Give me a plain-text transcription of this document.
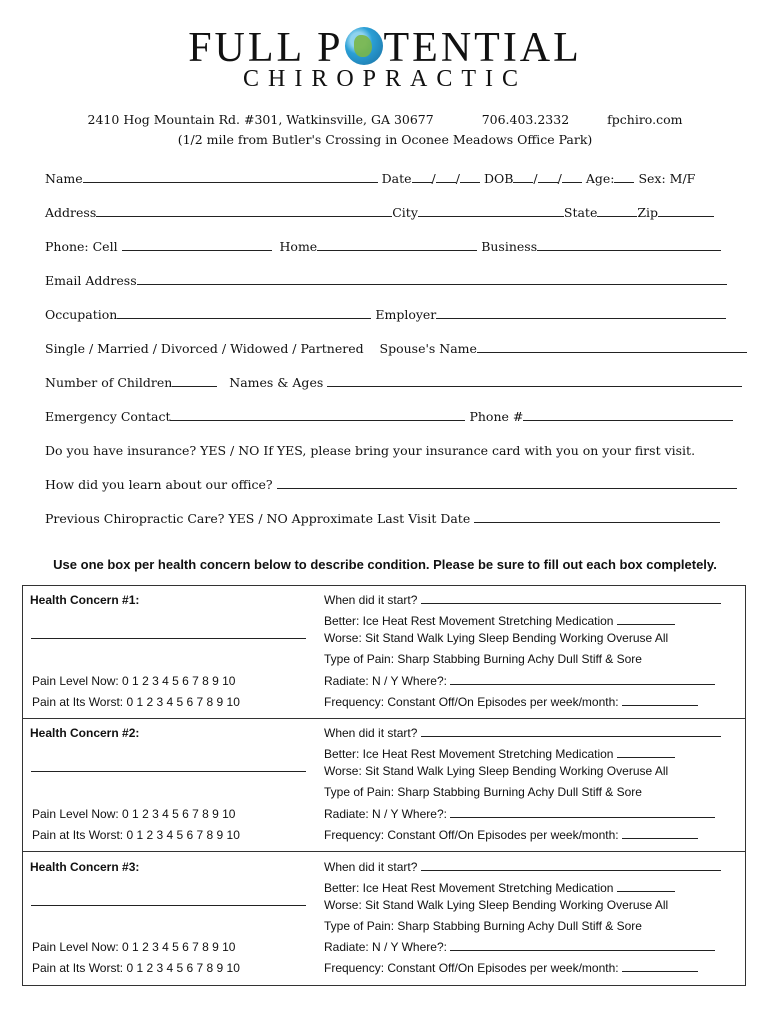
FULL P TENTIAL
CHIROPRACTIC
2410 Hog Mountain Rd. #301, Watkinsville, GA 30677	706.403.2332	fpchiro.com
(1/2 mile from Butler's Crossing in Oconee Meadows Office Park)
Name	Date / / DOB / / Age: Sex: M/F
Address	City	State	Zip
Phone: Cell	Home	Business
Email Address
Occupation	Employer
Single / Married / Divorced / Widowed / Partnered Spouse's Name
Number of Children	Names & Ages
Emergency Contact	Phone #
Do you have insurance? YES / NO If YES, please bring your insurance card with you on your first visit.
How did you learn about our office?
Previous Chiropractic Care? YES / NO Approximate Last Visit Date
Use one box per health concern below to describe condition. Please be sure to fill out each box completely.
Health Concern #1:
Pain Level Now: 0 1 2 3 4 5 6 7 8 9 10
Pain at Its Worst: 0 1 2 3 4 5 6 7 8 9 10
When did it start?
Better: Ice Heat Rest Movement Stretching Medication
Worse: Sit Stand Walk Lying Sleep Bending Working Overuse All
Type of Pain: Sharp Stabbing Burning Achy Dull Stiff & Sore
Radiate: N / Y Where?:
Frequency: Constant Off/On Episodes per week/month:
Health Concern #2:
Pain Level Now: 0 1 2 3 4 5 6 7 8 9 10
Pain at Its Worst: 0 1 2 3 4 5 6 7 8 9 10
When did it start?
Better: Ice Heat Rest Movement Stretching Medication
Worse: Sit Stand Walk Lying Sleep Bending Working Overuse All
Type of Pain: Sharp Stabbing Burning Achy Dull Stiff & Sore
Radiate: N / Y Where?:
Frequency: Constant Off/On Episodes per week/month:
Health Concern #3:
Pain Level Now: 0 1 2 3 4 5 6 7 8 9 10
Pain at Its Worst: 0 1 2 3 4 5 6 7 8 9 10
When did it start?
Better: Ice Heat Rest Movement Stretching Medication
Worse: Sit Stand Walk Lying Sleep Bending Working Overuse All
Type of Pain: Sharp Stabbing Burning Achy Dull Stiff & Sore
Radiate: N / Y Where?:
Frequency: Constant Off/On Episodes per week/month:
